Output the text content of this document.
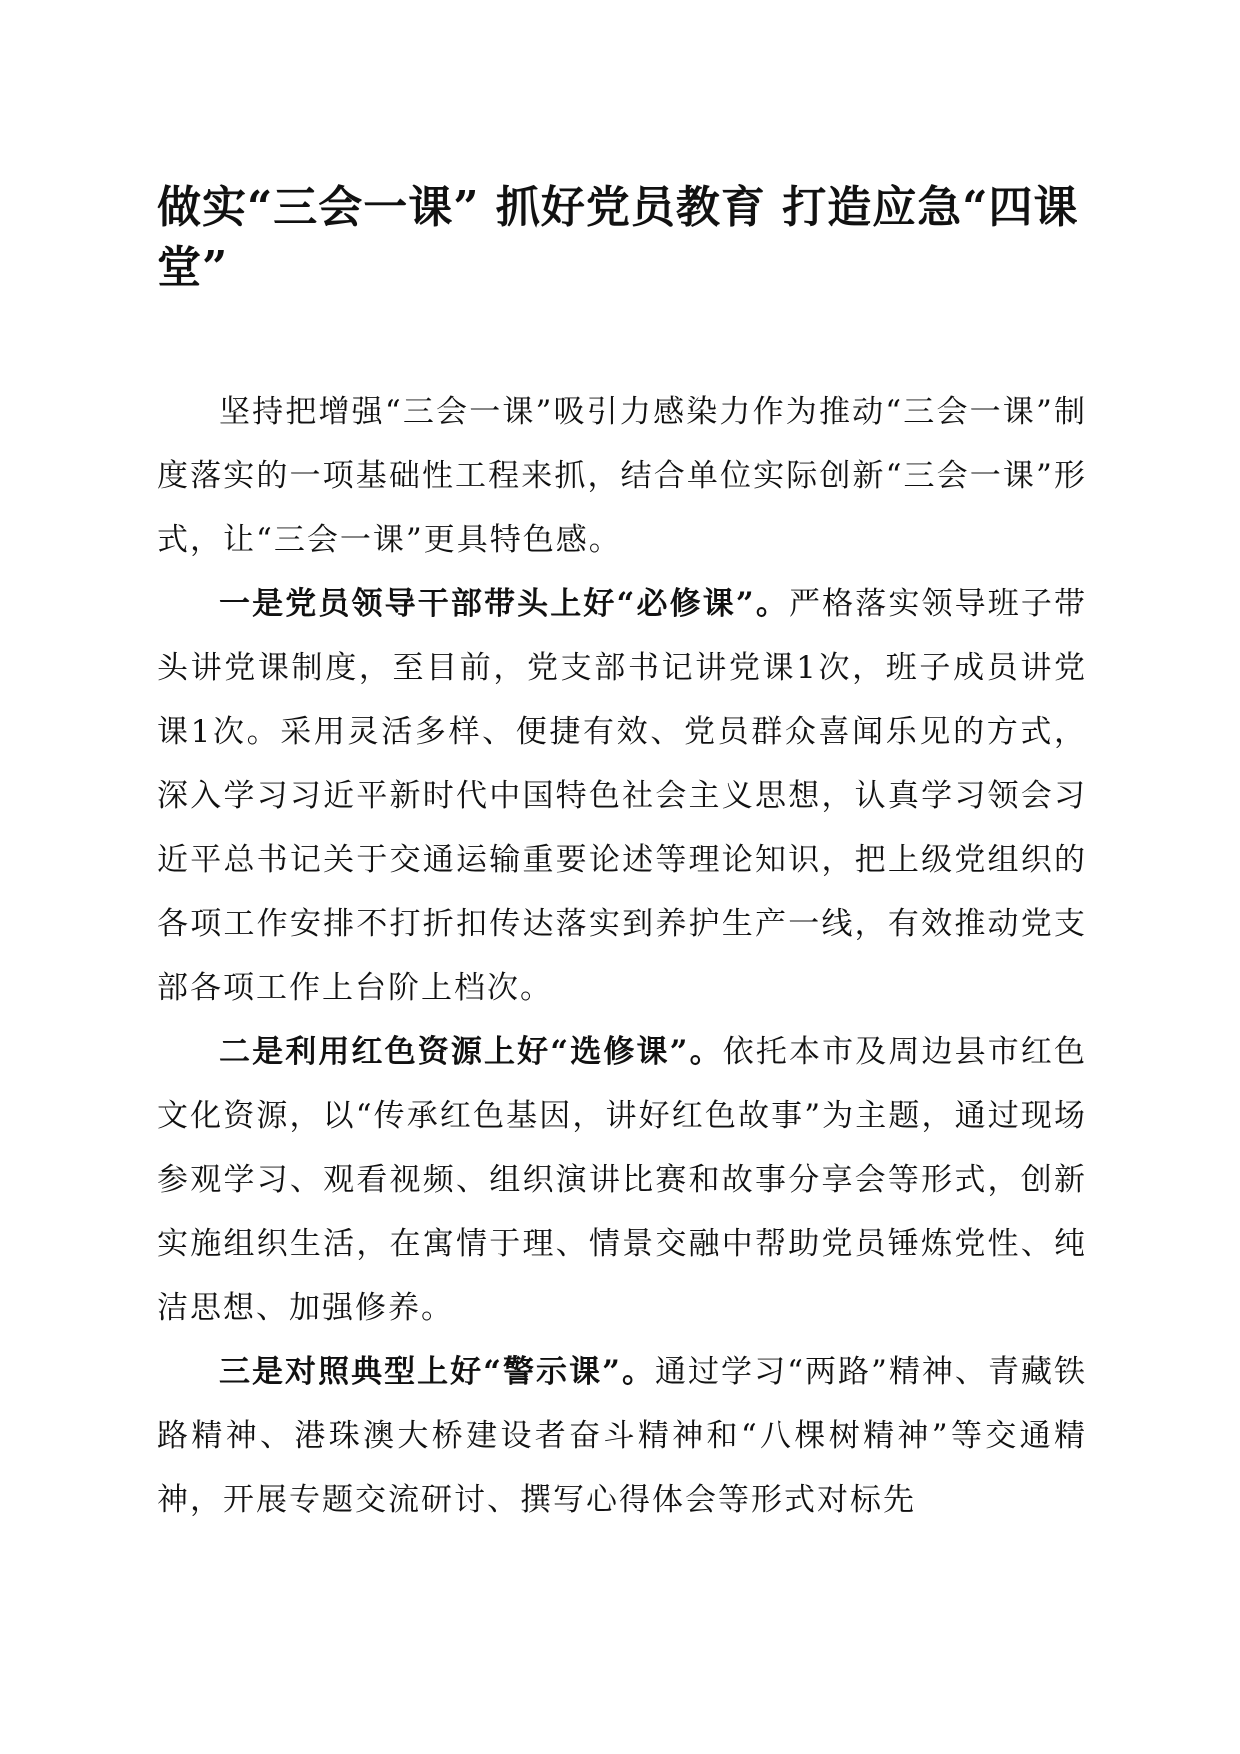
做实“三会一课” 抓好党员教育 打造应急“四课堂”

坚持把增强“三会一课”吸引力感染力作为推动“三会一课”制度落实的一项基础性工程来抓，结合单位实际创新“三会一课”形式，让“三会一课”更具特色感。

一是党员领导干部带头上好“必修课”。严格落实领导班子带头讲党课制度，至目前，党支部书记讲党课1次，班子成员讲党课1次。采用灵活多样、便捷有效、党员群众喜闻乐见的方式，深入学习习近平新时代中国特色社会主义思想，认真学习领会习近平总书记关于交通运输重要论述等理论知识，把上级党组织的各项工作安排不打折扣传达落实到养护生产一线，有效推动党支部各项工作上台阶上档次。

二是利用红色资源上好“选修课”。依托本市及周边县市红色文化资源，以“传承红色基因，讲好红色故事”为主题，通过现场参观学习、观看视频、组织演讲比赛和故事分享会等形式，创新实施组织生活，在寓情于理、情景交融中帮助党员锤炼党性、纯洁思想、加强修养。

三是对照典型上好“警示课”。通过学习“两路”精神、青藏铁路精神、港珠澳大桥建设者奋斗精神和“八棵树精神”等交通精神，开展专题交流研讨、撰写心得体会等形式对标先
